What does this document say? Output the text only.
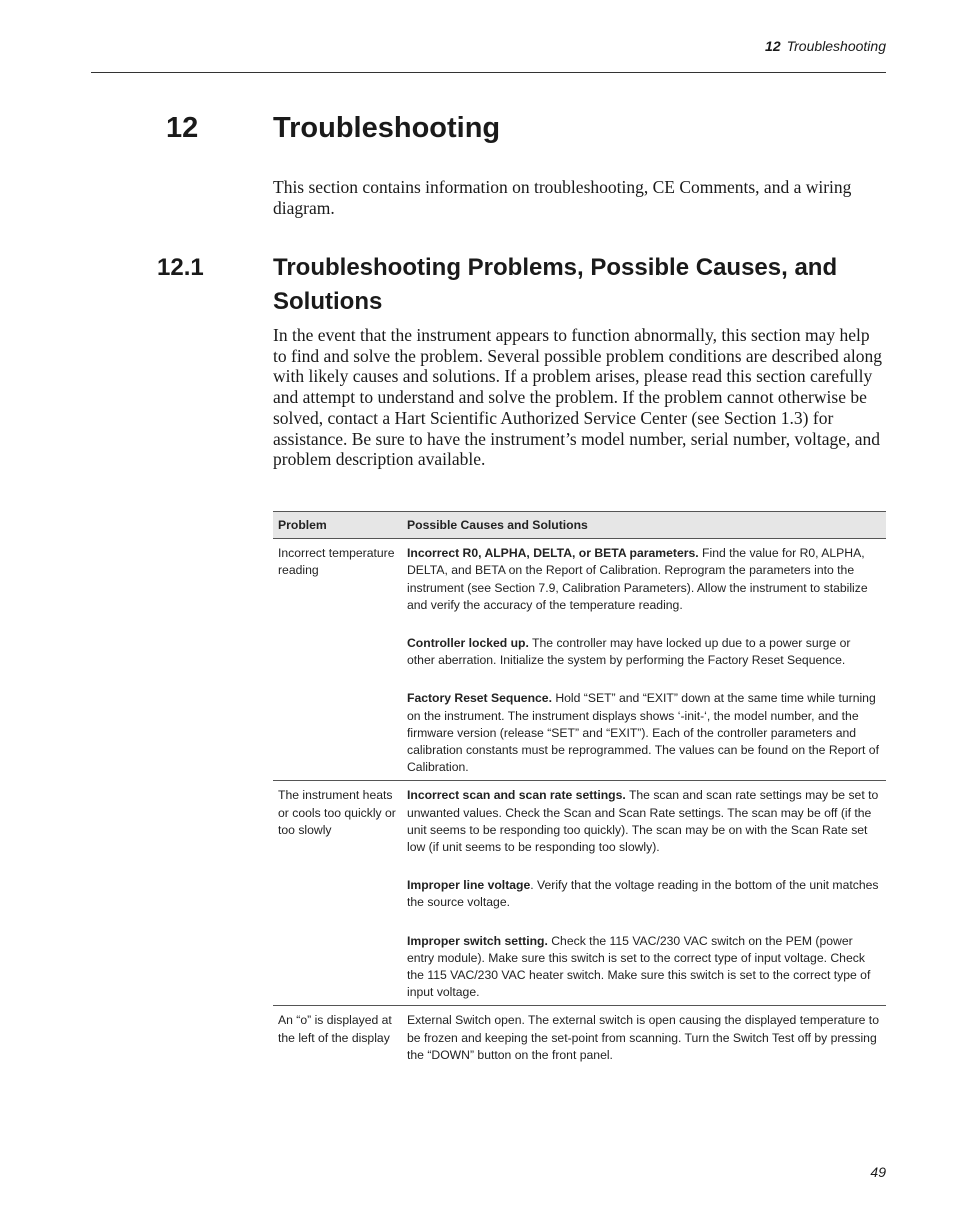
12 Troubleshooting
12	Troubleshooting
This section contains information on troubleshooting, CE Comments, and a wiring diagram.
12.1	Troubleshooting Problems, Possible Causes, and Solutions
In the event that the instrument appears to function abnormally, this section may help to find and solve the problem. Several possible problem conditions are described along with likely causes and solutions. If a problem arises, please read this section carefully and attempt to understand and solve the problem. If the problem cannot otherwise be solved, contact a Hart Scientific Authorized Service Center (see Section 1.3) for assistance. Be sure to have the instrument’s model number, serial number, voltage, and problem description available.
Problem	Possible Causes and Solutions
Incorrect temperature reading	Incorrect R0, ALPHA, DELTA, or BETA parameters. Find the value for R0, ALPHA, DELTA, and BETA on the Report of Calibration. Reprogram the parameters into the instrument (see Section 7.9, Calibration Parameters). Allow the instrument to stabilize and verify the accuracy of the temperature reading.

Controller locked up. The controller may have locked up due to a power surge or other aberration. Initialize the system by performing the Factory Reset Sequence.

Factory Reset Sequence. Hold “SET” and “EXIT” down at the same time while turning on the instrument. The instrument displays shows ‘-init-‘, the model number, and the firmware version (release “SET” and “EXIT”). Each of the controller parameters and calibration constants must be reprogrammed. The values can be found on the Report of Calibration.

The instrument heats or cools too quickly or too slowly	Incorrect scan and scan rate settings. The scan and scan rate settings may be set to unwanted values. Check the Scan and Scan Rate settings. The scan may be off (if the unit seems to be responding too quickly). The scan may be on with the Scan Rate set low (if unit seems to be responding too slowly).

Improper line voltage. Verify that the voltage reading in the bottom of the unit matches the source voltage.

Improper switch setting. Check the 115 VAC/230 VAC switch on the PEM (power entry module). Make sure this switch is set to the correct type of input voltage. Check the 115 VAC/230 VAC heater switch. Make sure this switch is set to the correct type of input voltage.

An “o” is displayed at the left of the display	External Switch open. The external switch is open causing the displayed temperature to be frozen and keeping the set-point from scanning. Turn the Switch Test off by pressing the “DOWN” button on the front panel.

49
